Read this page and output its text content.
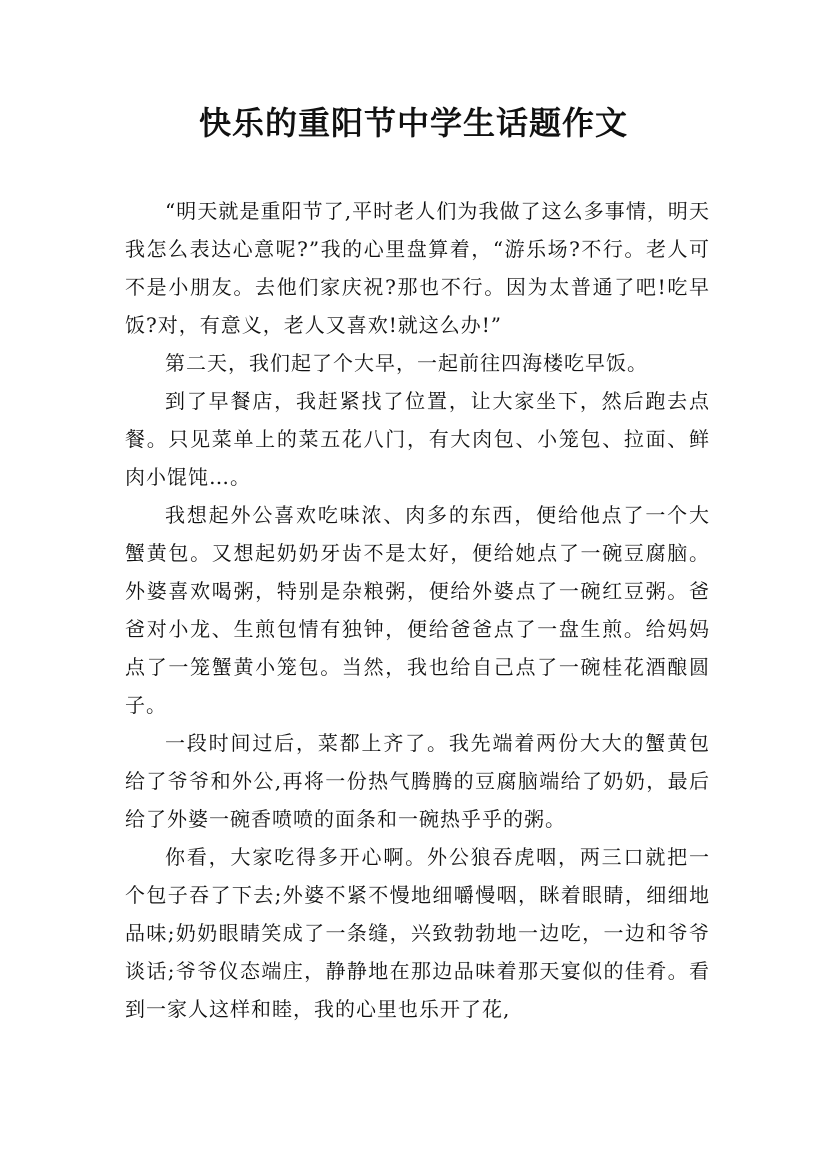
快乐的重阳节中学生话题作文

“明天就是重阳节了,平时老人们为我做了这么多事情，明天我怎么表达心意呢?”我的心里盘算着，“游乐场?不行。老人可不是小朋友。去他们家庆祝?那也不行。因为太普通了吧!吃早饭?对，有意义，老人又喜欢!就这么办!”

第二天，我们起了个大早，一起前往四海楼吃早饭。

到了早餐店，我赶紧找了位置，让大家坐下，然后跑去点餐。只见菜单上的菜五花八门，有大肉包、小笼包、拉面、鲜肉小馄饨…。

我想起外公喜欢吃味浓、肉多的东西，便给他点了一个大蟹黄包。又想起奶奶牙齿不是太好，便给她点了一碗豆腐脑。外婆喜欢喝粥，特别是杂粮粥，便给外婆点了一碗红豆粥。爸爸对小龙、生煎包情有独钟，便给爸爸点了一盘生煎。给妈妈点了一笼蟹黄小笼包。当然，我也给自己点了一碗桂花酒酿圆子。

一段时间过后，菜都上齐了。我先端着两份大大的蟹黄包给了爷爷和外公,再将一份热气腾腾的豆腐脑端给了奶奶，最后给了外婆一碗香喷喷的面条和一碗热乎乎的粥。

你看，大家吃得多开心啊。外公狼吞虎咽，两三口就把一个包子吞了下去;外婆不紧不慢地细嚼慢咽，眯着眼睛，细细地品味;奶奶眼睛笑成了一条缝，兴致勃勃地一边吃，一边和爷爷谈话;爷爷仪态端庄，静静地在那边品味着那天宴似的佳肴。看到一家人这样和睦，我的心里也乐开了花,
